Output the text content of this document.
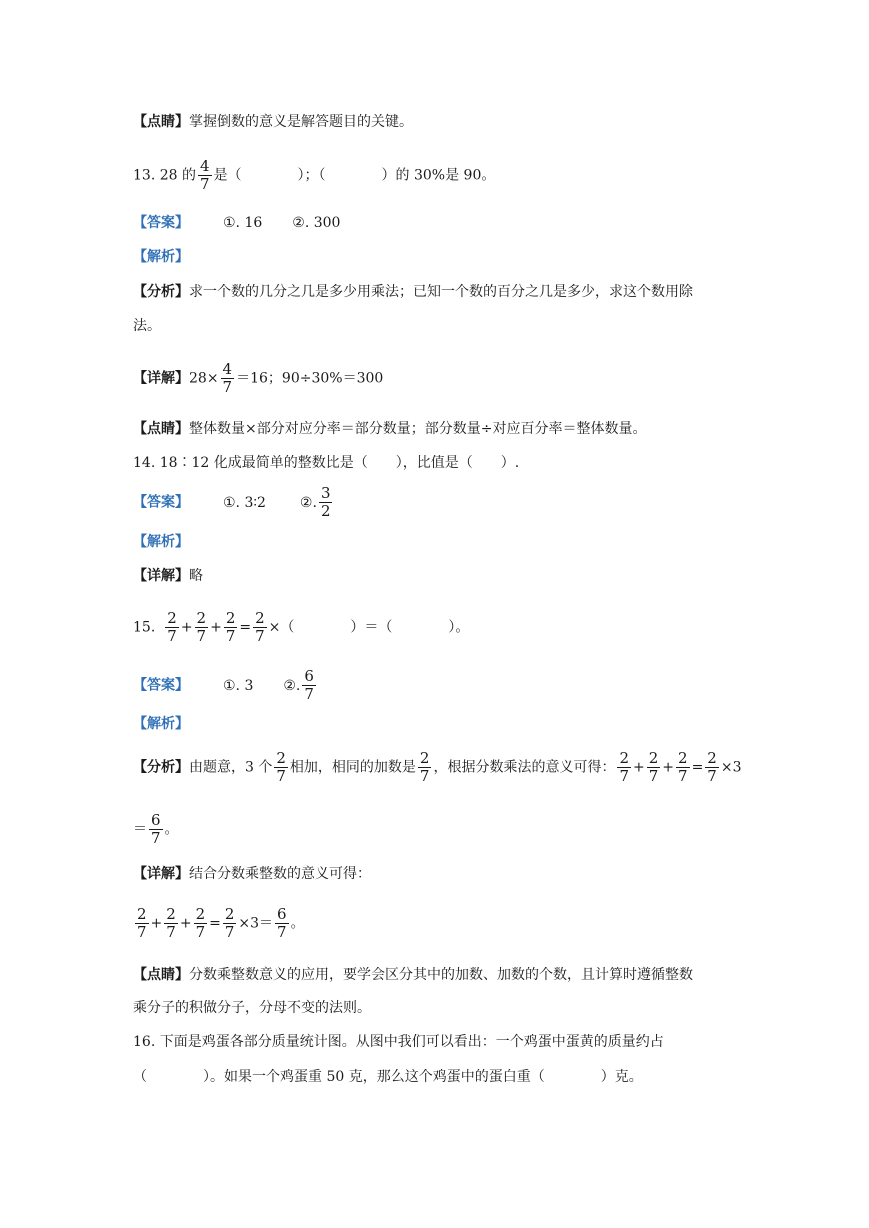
【点睛】掌握倒数的意义是解答题目的关键。
13. 28 的 $\frac{4}{7}$ 是（　　　　）；（　　　　）的 30%是 90。
【答案】 ①. 16 ②. 300
【解析】
【分析】求一个数的几分之几是多少用乘法；已知一个数的百分之几是多少，求这个数用除
法。
【详解】$28\times \frac{4}{7} =16$；90÷30%＝300
【点睛】整体数量×部分对应分率＝部分数量；部分数量÷对应百分率＝整体数量。
14. 18∶12 化成最简单的整数比是（　　），比值是（　　）.
【答案】 ①. 3∶2 ②. $\frac{3}{2}$
【解析】
【详解】略
15. $\frac{2}{7} + \frac{2}{7} + \frac{2}{7} = \frac{2}{7}$ ×（　　　　）＝（　　　　）。
【答案】 ①. 3 ②. $\frac{6}{7}$
【解析】
【分析】由题意，3 个 $\frac{2}{7}$ 相加，相同的加数是 $\frac{2}{7}$ ，根据分数乘法的意义可得： $\frac{2}{7} + \frac{2}{7} + \frac{2}{7} = \frac{2}{7} \times 3$
＝ $\frac{6}{7}$ 。
【详解】结合分数乘整数的意义可得：
$\frac{2}{7} + \frac{2}{7} + \frac{2}{7} = \frac{2}{7} \times 3= \frac{6}{7}$ 。
【点睛】分数乘整数意义的应用，要学会区分其中的加数、加数的个数，且计算时遵循整数
乘分子的积做分子，分母不变的法则。
16. 下面是鸡蛋各部分质量统计图。从图中我们可以看出：一个鸡蛋中蛋黄的质量约占
（　　　　）。如果一个鸡蛋重 50 克，那么这个鸡蛋中的蛋白重（　　　　）克。
